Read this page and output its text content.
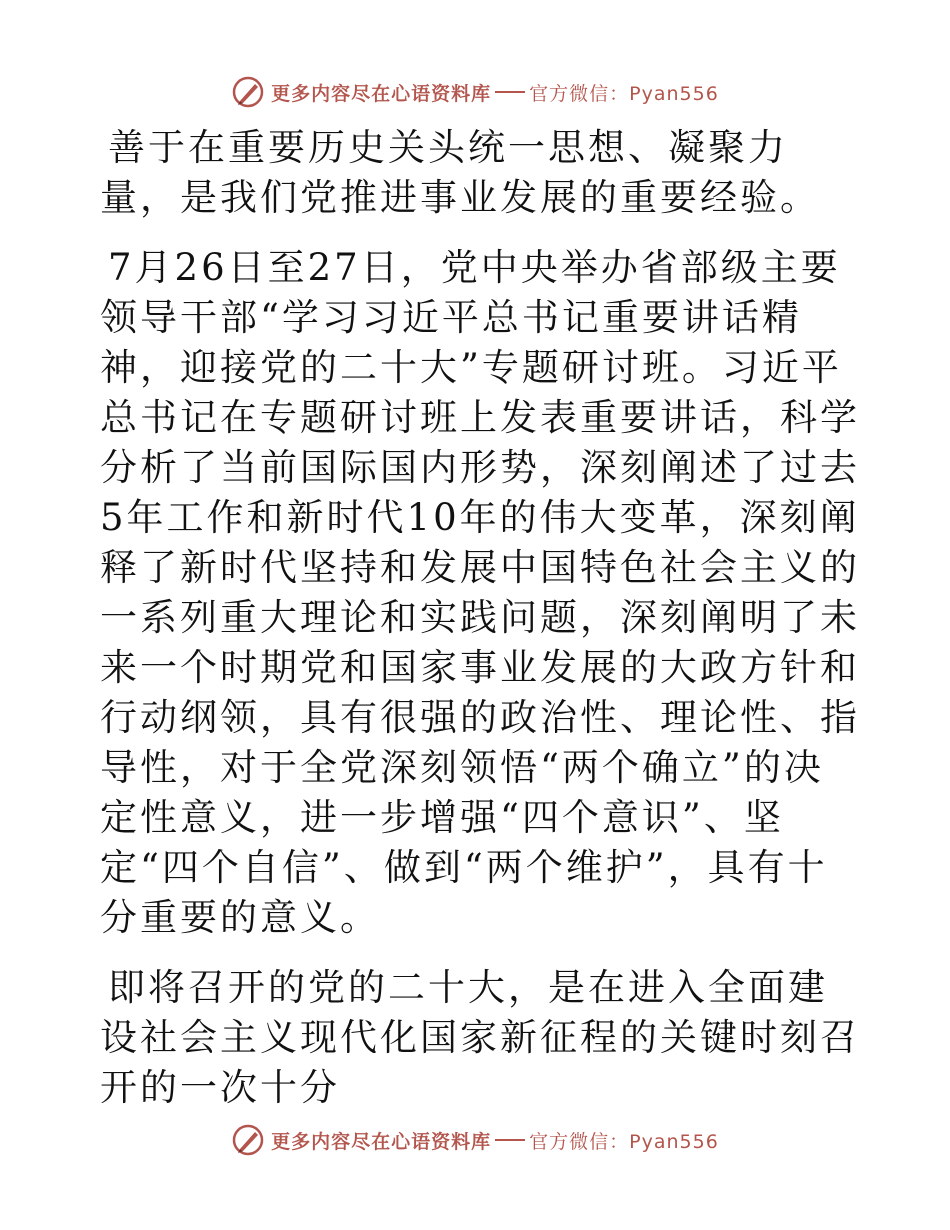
更多内容尽在心语资料库 官方微信：Pyan556

善于在重要历史关头统一思想、凝聚力量，是我们党推进事业发展的重要经验。

7月26日至27日，党中央举办省部级主要领导干部“学习习近平总书记重要讲话精神，迎接党的二十大”专题研讨班。习近平总书记在专题研讨班上发表重要讲话，科学分析了当前国际国内形势，深刻阐述了过去5年工作和新时代10年的伟大变革，深刻阐释了新时代坚持和发展中国特色社会主义的一系列重大理论和实践问题，深刻阐明了未来一个时期党和国家事业发展的大政方针和行动纲领，具有很强的政治性、理论性、指导性，对于全党深刻领悟“两个确立”的决定性意义，进一步增强“四个意识”、坚定“四个自信”、做到“两个维护”，具有十分重要的意义。

即将召开的党的二十大，是在进入全面建设社会主义现代化国家新征程的关键时刻召开的一次十分

更多内容尽在心语资料库 官方微信：Pyan556
